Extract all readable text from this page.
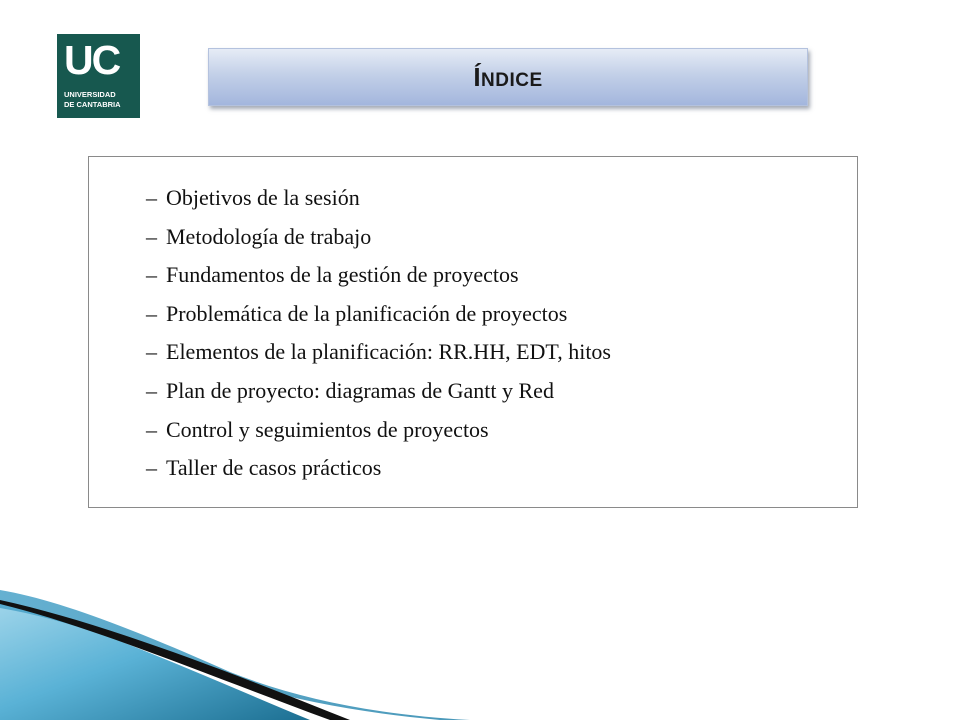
UC
UNIVERSIDAD
DE CANTABRIA
ÍNDICE
– Objetivos de la sesión
– Metodología de trabajo
– Fundamentos de la gestión de proyectos
– Problemática de la planificación de proyectos
– Elementos de la planificación: RR.HH, EDT, hitos
– Plan de proyecto: diagramas de Gantt y Red
– Control y seguimientos de proyectos
– Taller de casos prácticos
